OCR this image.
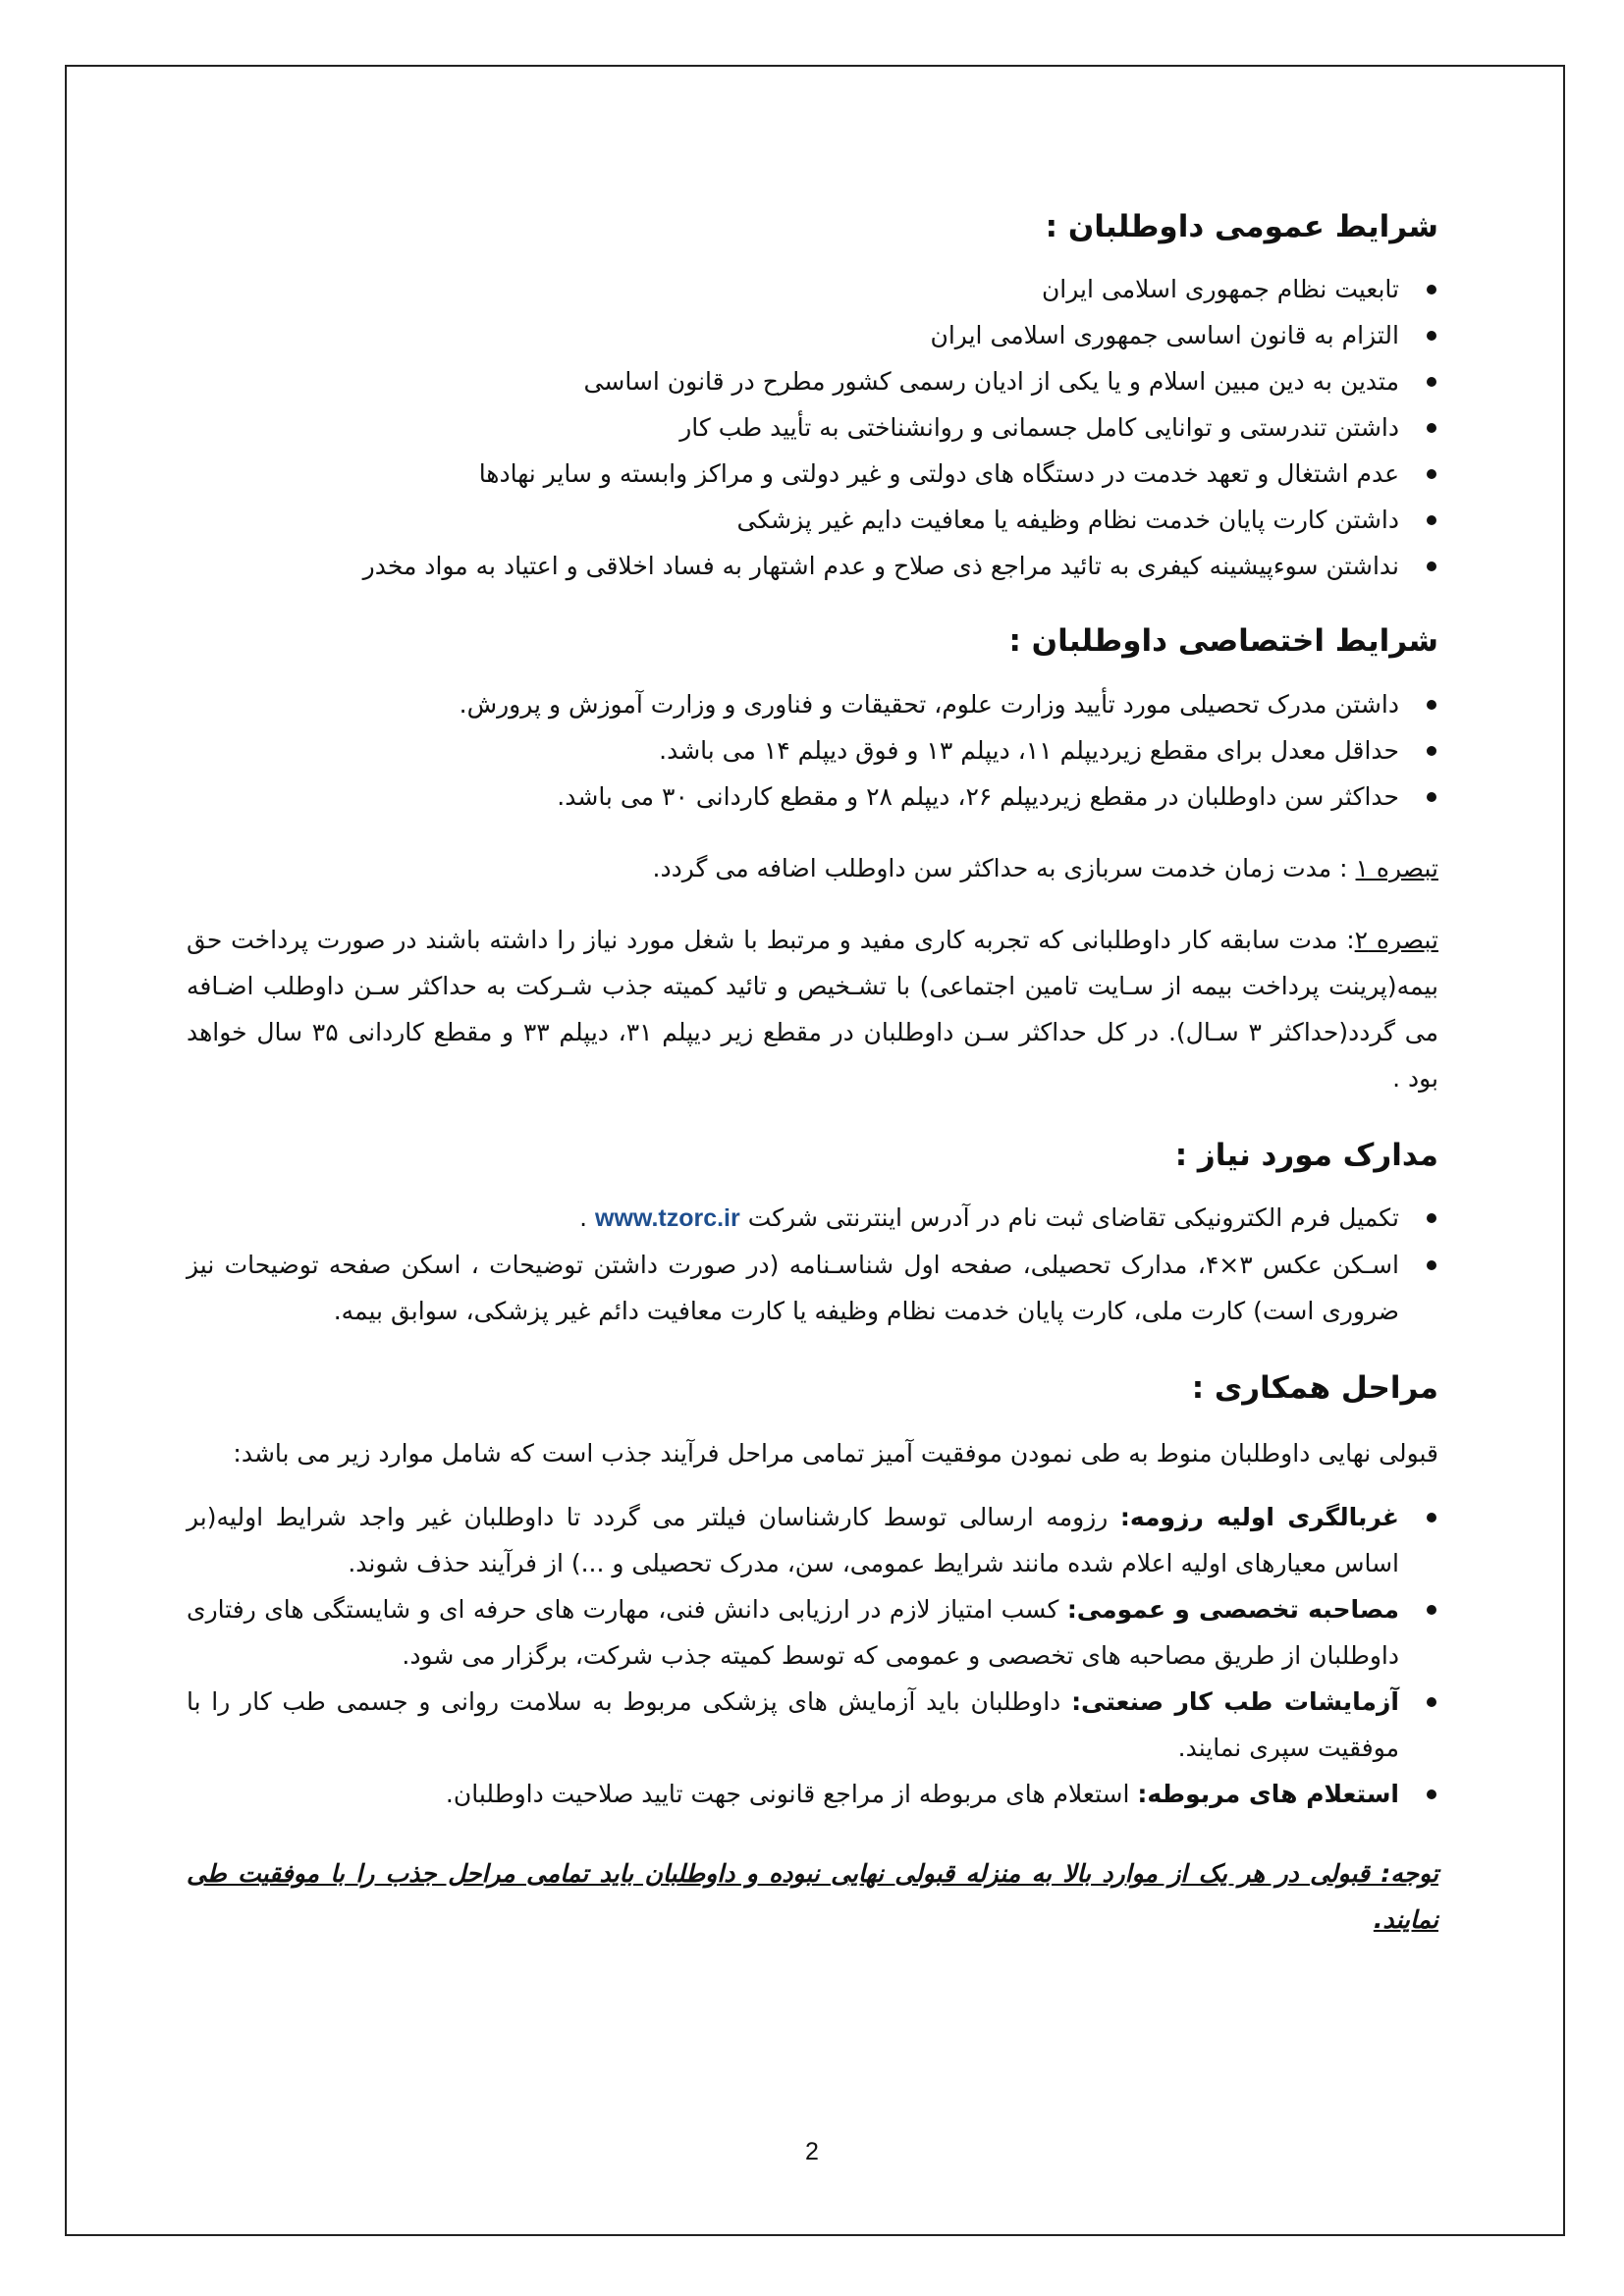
شرایط عمومی داوطلبان :
تابعیت نظام جمهوری اسلامی ایران
التزام به قانون اساسی جمهوری اسلامی ایران
متدین به دین مبین اسلام و یا یکی از ادیان رسمی کشور مطرح در قانون اساسی
داشتن تندرستی و توانایی کامل جسمانی و روانشناختی به تأیید طب کار
عدم اشتغال و تعهد خدمت در دستگاه های دولتی و غیر دولتی و مراکز وابسته و سایر نهادها
داشتن کارت پایان خدمت نظام وظیفه یا معافیت دایم غیر پزشکی
نداشتن سوءپیشینه کیفری به تائید مراجع ذی صلاح و عدم اشتهار به فساد اخلاقی و اعتیاد به مواد مخدر
شرایط اختصاصی داوطلبان :
داشتن مدرک تحصیلی مورد تأیید وزارت علوم، تحقیقات و فناوری و وزارت آموزش و پرورش.
حداقل معدل برای مقطع زیردیپلم ۱۱، دیپلم ۱۳ و فوق دیپلم ۱۴ می باشد.
حداکثر سن داوطلبان در مقطع زیردیپلم ۲۶، دیپلم ۲۸ و مقطع کاردانی ۳۰ می باشد.

تبصره ۱ : مدت زمان خدمت سربازی به حداکثر سن داوطلب اضافه می گردد.

تبصره ۲: مدت سابقه کار داوطلبانی که تجربه کاری مفید و مرتبط با شغل مورد نیاز را داشته باشند در صورت پرداخت حق بیمه(پرینت پرداخت بیمه از سـایت تامین اجتماعی) با تشـخیص و تائید کمیته جذب شـرکت به حداکثر سـن داوطلب اضـافه می گردد(حداکثر ۳ سـال). در کل حداکثر سـن داوطلبان در مقطع زیر دیپلم ۳۱، دیپلم ۳۳ و مقطع کاردانی ۳۵ سال خواهد بود .

مدارک مورد نیاز :
تکمیل فرم الکترونیکی تقاضای ثبت نام در آدرس اینترنتی شرکت www.tzorc.ir .
اسـکن عکس ۳×۴، مدارک تحصیلی، صفحه اول شناسـنامه (در صورت داشتن توضیحات ، اسکن صفحه توضیحات نیز ضروری است) کارت ملی، کارت پایان خدمت نظام وظیفه یا کارت معافیت دائم غیر پزشکی، سوابق بیمه.
مراحل همکاری :

قبولی نهایی داوطلبان منوط به طی نمودن موفقیت آمیز تمامی مراحل فرآیند جذب است که شامل موارد زیر می باشد:

غربالگری اولیه رزومه: رزومه ارسالی توسط کارشناسان فیلتر می گردد تا داوطلبان غیر واجد شرایط اولیه(بر اساس معیارهای اولیه اعلام شده مانند شرایط عمومی، سن، مدرک تحصیلی و ...) از فرآیند حذف شوند.
مصاحبه تخصصی و عمومی: کسب امتیاز لازم در ارزیابی دانش فنی، مهارت های حرفه ای و شایستگی های رفتاری داوطلبان از طریق مصاحبه های تخصصی و عمومی که توسط کمیته جذب شرکت، برگزار می شود.
آزمایشات طب کار صنعتی: داوطلبان باید آزمایش های پزشکی مربوط به سلامت روانی و جسمی طب کار را با موفقیت سپری نمایند.
استعلام های مربوطه: استعلام های مربوطه از مراجع قانونی جهت تایید صلاحیت داوطلبان.

توجه: قبولی در هر یک از موارد بالا به منزله قبولی نهایی نبوده و داوطلبان باید تمامی مراحل جذب را با موفقیت طی نمایند.

2
